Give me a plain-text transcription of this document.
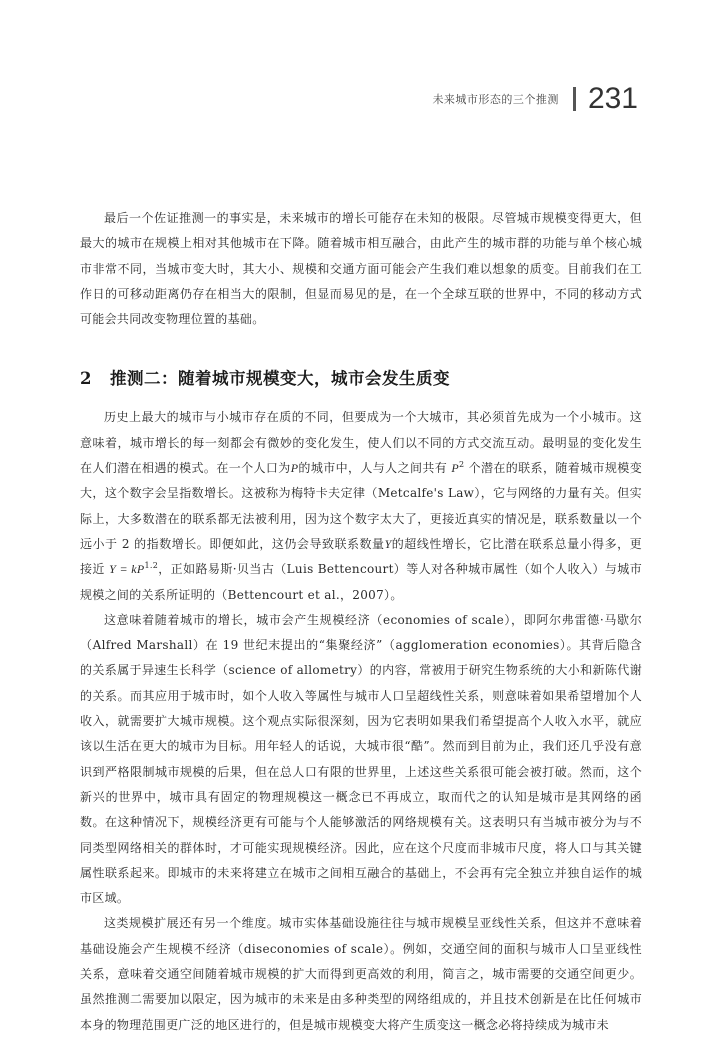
未来城市形态的三个推测 231

最后一个佐证推测一的事实是，未来城市的增长可能存在未知的极限。尽管城市规模变得更大，但最大的城市在规模上相对其他城市在下降。随着城市相互融合，由此产生的城市群的功能与单个核心城市非常不同，当城市变大时，其大小、规模和交通方面可能会产生我们难以想象的质变。目前我们在工作日的可移动距离仍存在相当大的限制，但显而易见的是，在一个全球互联的世界中，不同的移动方式可能会共同改变物理位置的基础。

2 推测二：随着城市规模变大，城市会发生质变

历史上最大的城市与小城市存在质的不同，但要成为一个大城市，其必须首先成为一个小城市。这意味着，城市增长的每一刻都会有微妙的变化发生，使人们以不同的方式交流互动。最明显的变化发生在人们潜在相遇的模式。在一个人口为P的城市中，人与人之间共有 $P^2$ 个潜在的联系，随着城市规模变大，这个数字会呈指数增长。这被称为梅特卡夫定律（Metcalfe's Law），它与网络的力量有关。但实际上，大多数潜在的联系都无法被利用，因为这个数字太大了，更接近真实的情况是，联系数量以一个远小于 2 的指数增长。即便如此，这仍会导致联系数量Y的超线性增长，它比潜在联系总量小得多，更接近 $Y = kP^{1.2}$，正如路易斯·贝当古（Luis Bettencourt）等人对各种城市属性（如个人收入）与城市规模之间的关系所证明的（Bettencourt et al.，2007）。

这意味着随着城市的增长，城市会产生规模经济（economies of scale），即阿尔弗雷德·马歇尔（Alfred Marshall）在 19 世纪末提出的“集聚经济”（agglomeration economies）。其背后隐含的关系属于异速生长科学（science of allometry）的内容，常被用于研究生物系统的大小和新陈代谢的关系。而其应用于城市时，如个人收入等属性与城市人口呈超线性关系，则意味着如果希望增加个人收入，就需要扩大城市规模。这个观点实际很深刻，因为它表明如果我们希望提高个人收入水平，就应该以生活在更大的城市为目标。用年轻人的话说，大城市很“酷”。然而到目前为止，我们还几乎没有意识到严格限制城市规模的后果，但在总人口有限的世界里，上述这些关系很可能会被打破。然而，这个新兴的世界中，城市具有固定的物理规模这一概念已不再成立，取而代之的认知是城市是其网络的函数。在这种情况下，规模经济更有可能与个人能够激活的网络规模有关。这表明只有当城市被分为与不同类型网络相关的群体时，才可能实现规模经济。因此，应在这个尺度而非城市尺度，将人口与其关键属性联系起来。即城市的未来将建立在城市之间相互融合的基础上，不会再有完全独立并独自运作的城市区域。

这类规模扩展还有另一个维度。城市实体基础设施往往与城市规模呈亚线性关系，但这并不意味着基础设施会产生规模不经济（diseconomies of scale）。例如，交通空间的面积与城市人口呈亚线性关系，意味着交通空间随着城市规模的扩大而得到更高效的利用，简言之，城市需要的交通空间更少。虽然推测二需要加以限定，因为城市的未来是由多种类型的网络组成的，并且技术创新是在比任何城市本身的物理范围更广泛的地区进行的，但是城市规模变大将产生质变这一概念必将持续成为城市未
